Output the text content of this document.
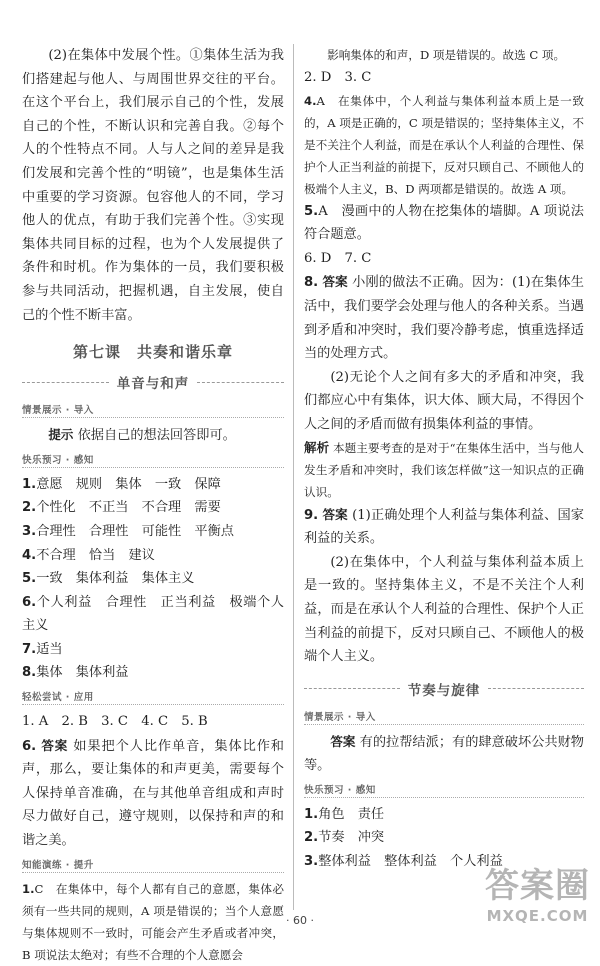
(2)在集体中发展个性。①集体生活为我们搭建起与他人、与周围世界交往的平台。在这个平台上，我们展示自己的个性，发展自己的个性，不断认识和完善自我。②每个人的个性特点不同。人与人之间的差异是我们发展和完善个性的“明镜”，也是集体生活中重要的学习资源。包容他人的不同，学习他人的优点，有助于我们完善个性。③实现集体共同目标的过程，也为个人发展提供了条件和时机。作为集体的一员，我们要积极参与共同活动，把握机遇，自主发展，使自己的个性不断丰富。

第七课　共奏和谐乐章
单音与和声
情景展示 · 导入

提示 依据自己的想法回答即可。

快乐预习 · 感知

1.意愿　规则　集体　一致　保障

2.个性化　不正当　不合理　需要

3.合理性　合理性　可能性　平衡点

4.不合理　恰当　建议

5.一致　集体利益　集体主义

6.个人利益　合理性　正当利益　极端个人主义

7.适当

8.集体　集体利益

轻松尝试 · 应用

1. A　2. B　3. C　4. C　5. B

6. 答案 如果把个人比作单音，集体比作和声，那么，要让集体的和声更美，需要每个人保持单音准确，在与其他单音组成和声时尽力做好自己，遵守规则，以保持和声的和谐之美。

知能演练 · 提升

1.C　在集体中，每个人都有自己的意愿，集体必须有一些共同的规则，A 项是错误的；当个人意愿与集体规则不一致时，可能会产生矛盾或者冲突，B 项说法太绝对；有些不合理的个人意愿会

影响集体的和声，D 项是错误的。故选 C 项。

2. D　3. C

4.A　在集体中，个人利益与集体利益本质上是一致的，A 项是正确的，C 项是错误的；坚持集体主义，不是不关注个人利益，而是在承认个人利益的合理性、保护个人正当利益的前提下，反对只顾自己、不顾他人的极端个人主义，B、D 两项都是错误的。故选 A 项。

5.A　漫画中的人物在挖集体的墙脚。A 项说法符合题意。

6. D　7. C

8. 答案 小刚的做法不正确。因为：(1)在集体生活中，我们要学会处理与他人的各种关系。当遇到矛盾和冲突时，我们要冷静考虑，慎重选择适当的处理方式。

(2)无论个人之间有多大的矛盾和冲突，我们都应心中有集体，识大体、顾大局，不得因个人之间的矛盾而做有损集体利益的事情。

解析 本题主要考查的是对于“在集体生活中，当与他人发生矛盾和冲突时，我们该怎样做”这一知识点的正确认识。

9. 答案 (1)正确处理个人利益与集体利益、国家利益的关系。

(2)在集体中，个人利益与集体利益本质上是一致的。坚持集体主义，不是不关注个人利益，而是在承认个人利益的合理性、保护个人正当利益的前提下，反对只顾自己、不顾他人的极端个人主义。

节奏与旋律
情景展示 · 导入

答案 有的拉帮结派；有的肆意破坏公共财物等。

快乐预习 · 感知

1.角色　责任

2.节奏　冲突

3.整体利益　整体利益　个人利益

· 60 ·
答案圈
MXQE.COM
